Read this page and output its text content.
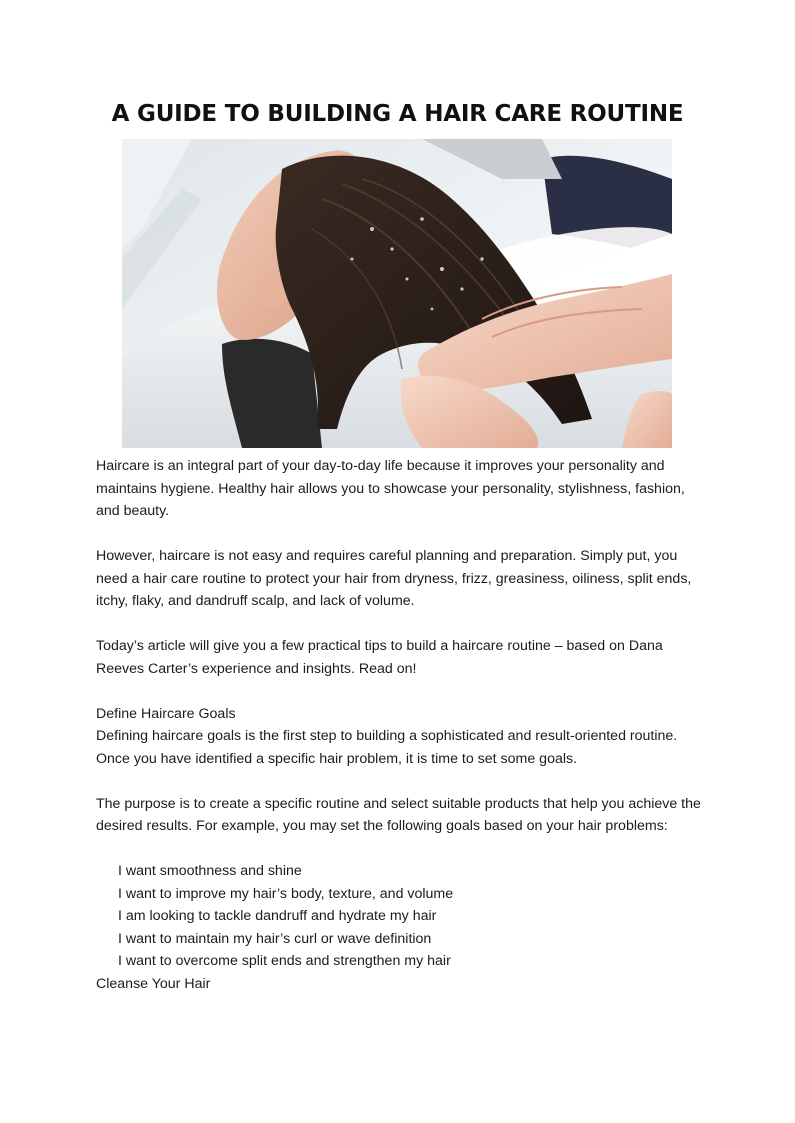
A GUIDE TO BUILDING A HAIR CARE ROUTINE

Haircare is an integral part of your day-to-day life because it improves your personality and maintains hygiene. Healthy hair allows you to showcase your personality, stylishness, fashion, and beauty.

However, haircare is not easy and requires careful planning and preparation. Simply put, you need a hair care routine to protect your hair from dryness, frizz, greasiness, oiliness, split ends, itchy, flaky, and dandruff scalp, and lack of volume.

Today’s article will give you a few practical tips to build a haircare routine – based on Dana Reeves Carter’s experience and insights. Read on!

Define Haircare Goals

Defining haircare goals is the first step to building a sophisticated and result-oriented routine. Once you have identified a specific hair problem, it is time to set some goals.

The purpose is to create a specific routine and select suitable products that help you achieve the desired results. For example, you may set the following goals based on your hair problems:

I want smoothness and shine
I want to improve my hair’s body, texture, and volume
I am looking to tackle dandruff and hydrate my hair
I want to maintain my hair’s curl or wave definition
I want to overcome split ends and strengthen my hair

Cleanse Your Hair
